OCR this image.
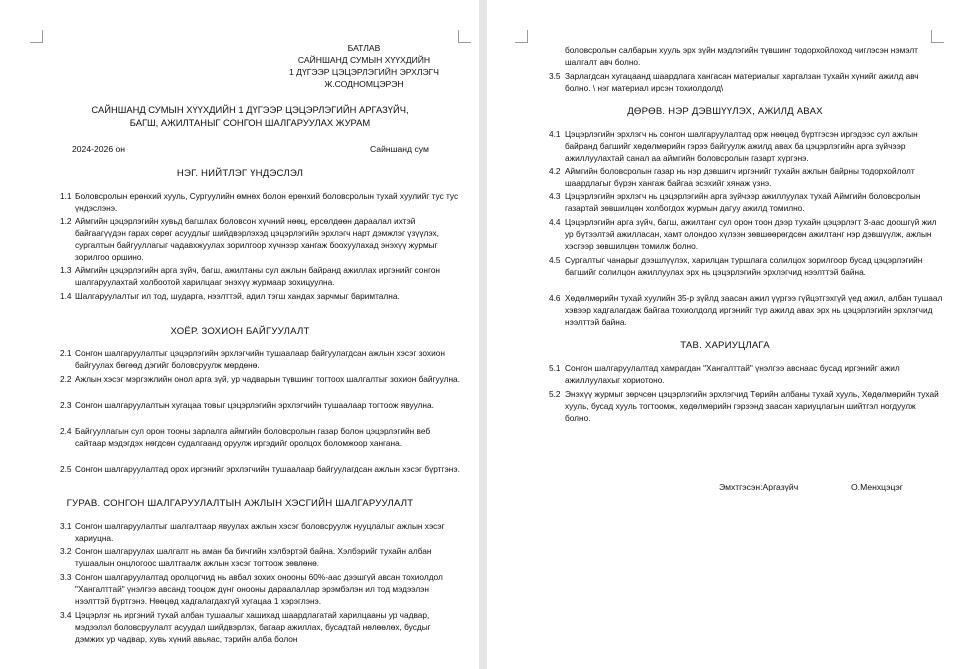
БАТЛАВ
САЙНШАНД СУМЫН ХҮҮХДИЙН
1 ДҮГЭЭР ЦЭЦЭРЛЭГИЙН ЭРХЛЭГЧ
Ж.СОДНОМЦЭРЭН
САЙНШАНД СУМЫН ХҮҮХДИЙН 1 ДҮГЭЭР ЦЭЦЭРЛЭГИЙН АРГАЗҮЙЧ,
БАГШ, АЖИЛТАНЫГ СОНГОН ШАЛГАРУУЛАХ ЖУРАМ
2024-2026 он	Сайншанд сум
НЭГ. НИЙТЛЭГ ҮНДЭСЛЭЛ
1.1 Боловсролын ерөнхий хууль, Сургуулийн өмнөх болон ерөнхий боловсролын тухай хуулийг тус тус үндэслэнэ.
1.2 Аймгийн цэцэрлэгийн хувьд багшлах боловсон хүчний нөөц, ерсөлдөөн дараалал ихтэй байгаагүүдэн гарах сөрөг асуудлыг шийдвэрлэхэд цэцэрлэгийн эрхлэгч нарт дэмжлэг үзүүлэх, сургалтын байгууллагыг чадавхжуулах зорилгоор хүчнээр хангаж боохуулахад энэхүү журмыг зорилгоо оршино.
1.3 Аймгийн цэцэрлэгийн арга зүйч, багш, ажилтаны сул ажлын байранд ажиллах иргэнийг сонгон шалгаруулахтай холбоотой харилцааг энэхүү журмаар зохицуулна.
1.4 Шалгаруулалтыг ил тод, шударга, нээлттэй, адил тэгш хандах зарчмыг баримтална.
ХОЁР. ЗОХИОН БАЙГУУЛАЛТ
2.1 Сонгон шалгаруулалтыг цэцэрлэгийн эрхлэгчийн тушаалаар байгуулагдсан ажлын хэсэг зохион байгуулах бөгөөд дэгийг боловсруулж мөрдөнө.
2.2 Ажлын хэсэг мэргэжлийн онол арга зүй, ур чадварын түвшинг тогтоох шалгалтыг зохион байгуулна.
2.3 Сонгон шалгаруулалтын хугацаа товыг цэцэрлэгийн эрхлэгчийн тушаалаар тогтоож явуулна.
2.4 Байгууллагын сул орон тооны зарлалга аймгийн боловсролын газар болон цэцэрлэгийн веб сайтаар мэдэгдэх нөгдсөн судалгаанд оруулж иргэдийг оролцох боломжоор хангана.
2.5 Сонгон шалгаруулалтад орох иргэнийг эрхлэгчийн тушаалаар байгуулагдсан ажлын хэсэг бүртгэнэ.
ГУРАВ. СОНГОН ШАЛГАРУУЛАЛТЫН АЖЛЫН ХЭСГИЙН ШАЛГАРУУЛАЛТ
3.1 Сонгон шалгаруулалтыг шалгалтаар явуулах ажлын хэсэг боловсруулж нууцлалыг ажлын хэсэг хариуцна.
3.2 Сонгон шалгаруулах шалгалт нь аман ба бичгийн хэлбэртэй байна. Хэлбэрийг тухайн албан тушаалын онцлогоос шалтгаалж ажлын хэсэг тогтоож зөвлөнө.
3.3 Сонгон шалгаруулалтад оролцогчид нь авбал зохих онооны 60%-аас дээшгүй авсан тохиолдол "Хангалттай" үнэлгээ авсанд тооцож дүнг онооны дараалаллар эрэмбэлэн ил тод мэдээлэн нээлттэй бүртгэнэ. Нөөцөд хадгалагдахгүй хугацаа 1 хэрэглэнэ.
3.4 Цэцэрлэг нь иргэний тухай албан тушаалыг хашихад шаардлагатай харилцааны ур чадвар, мэдээлэл боловсруулалт асуудал шийдвэрлэх, багаар ажиллах, бусадтай нөлөөлөх, бусдыг дэмжих ур чадвар, хувь хүний авьяас, тэрийн алба болон
боловсролын салбарын хууль эрх зүйн мэдлэгийн түвшинг тодорхойлоход чиглэсэн нэмэлт шалгалт авч болно.
3.5 Зарлагдсан хугацаанд шаардлага хангасан материалыг харгалзан тухайн хүнийг ажилд авч болно. \ нэг материал ирсэн тохиолдолд\
ДӨРӨВ. НЭР ДЭВШҮҮЛЭХ, АЖИЛД АВАХ
4.1 Цэцэрлэгийн эрхлэгч нь сонгон шалгаруулалтад орж нөөцөд бүртгэсэн иргэдээс сул ажлын байранд багшийг хөдөлмөрийн гэрээ байгуулж ажилд авах ба цэцэрлэгийн арга зүйчээр ажиллуулахтай санал аа аймгийн боловсролын газарт хүргэнэ.
4.2 Аймгийн боловсролын газар нь нэр дэвшигч иргэнийг тухайн ажлын байрны тодорхойлолт шаардлагыг бүрэн хангаж байгаа эсэхийг хянаж үзнэ.
4.3 Цэцэрлэгийн эрхлэгч нь цэцэрлэгийн арга зүйчээр ажиллуулах тухай Аймгийн боловсролын газартай зөвшилцөн холбогдох журмын дагуу ажилд томилно.
4.4 Цэцэрлэгийн арга зүйч, багш, ажилтанг сул орон тоон дээр тухайн цэцэрлэгт 3-аас доошгүй жил ур бүтээлтэй ажилласан, хамт олондоо хүлээн зөвшөөрөгдсөн ажилтанг нэр дэвшүүлж, ажлын хэсгээр зөвшилцөн томилж болно.
4.5 Сургалтыг чанарыг дээшлүүлэх, харилцан туршлага солилцох зорилгоор бусад цэцэрлэгийн багшийг солилцон ажиллуулах эрх нь цэцэрлэгийн эрхлэгчид нээлттэй байна.
4.6 Хөдөлмөрийн тухай хуулийн 35-р зүйлд заасан ажил үүргээ гүйцэтгэхгүй үед ажил, албан тушаал хэвээр хадгалагдаж байгаа тохиолдолд иргэнийг түр ажилд авах эрх нь цэцэрлэгийн эрхлэгчид нээлттэй байна.
ТАВ. ХАРИУЦЛАГА
5.1 Сонгон шалгаруулалтад хамрагдан "Хангалттай" үнэлгээ авснаас бусад иргэнийг ажил ажиллуулахыг хориотоно.
5.2 Энэхүү журмыг зөрчсөн цэцэрлэгийн эрхлэгчид Төрийн албаны тухай хууль, Хөдөлмөрийн тухай хууль, бусад хууль тогтоомж, хөдөлмөрийн гэрээнд заасан хариуцлагын шийтгэл ногдуулж болно.
Эмхтгэсэн:Аргазүйч	О.Менхцэцэг
